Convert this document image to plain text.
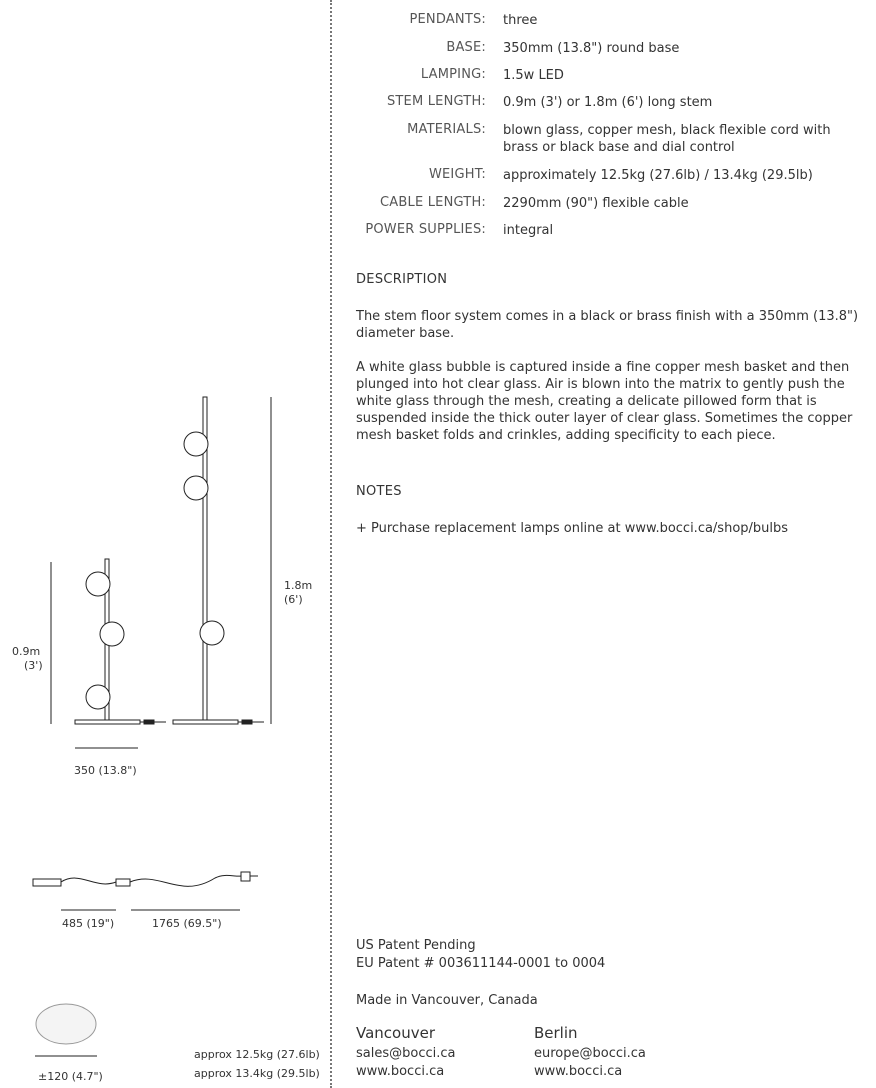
PENDANTS: three
BASE: 350mm (13.8") round base
LAMPING: 1.5w LED
STEM LENGTH: 0.9m (3') or 1.8m (6') long stem
MATERIALS: blown glass, copper mesh, black flexible cord with brass or black base and dial control
WEIGHT: approximately 12.5kg (27.6lb) / 13.4kg (29.5lb)
CABLE LENGTH: 2290mm (90") flexible cable
POWER SUPPLIES: integral
DESCRIPTION

The stem floor system comes in a black or brass finish with a 350mm (13.8") diameter base.

A white glass bubble is captured inside a fine copper mesh basket and then plunged into hot clear glass. Air is blown into the matrix to gently push the white glass through the mesh, creating a delicate pillowed form that is suspended inside the thick outer layer of clear glass. Sometimes the copper mesh basket folds and crinkles, adding specificity to each piece.

NOTES
+ Purchase replacement lamps online at www.bocci.ca/shop/bulbs
US Patent Pending
EU Patent # 003611144-0001 to 0004
Made in Vancouver, Canada
Vancouver
sales@bocci.ca
www.bocci.ca
Berlin
europe@bocci.ca
www.bocci.ca
0.9m
(3')
1.8m
(6')
350 (13.8")
485 (19")	1765 (69.5")
±120 (4.7")
approx 12.5kg (27.6lb)
approx 13.4kg (29.5lb)
